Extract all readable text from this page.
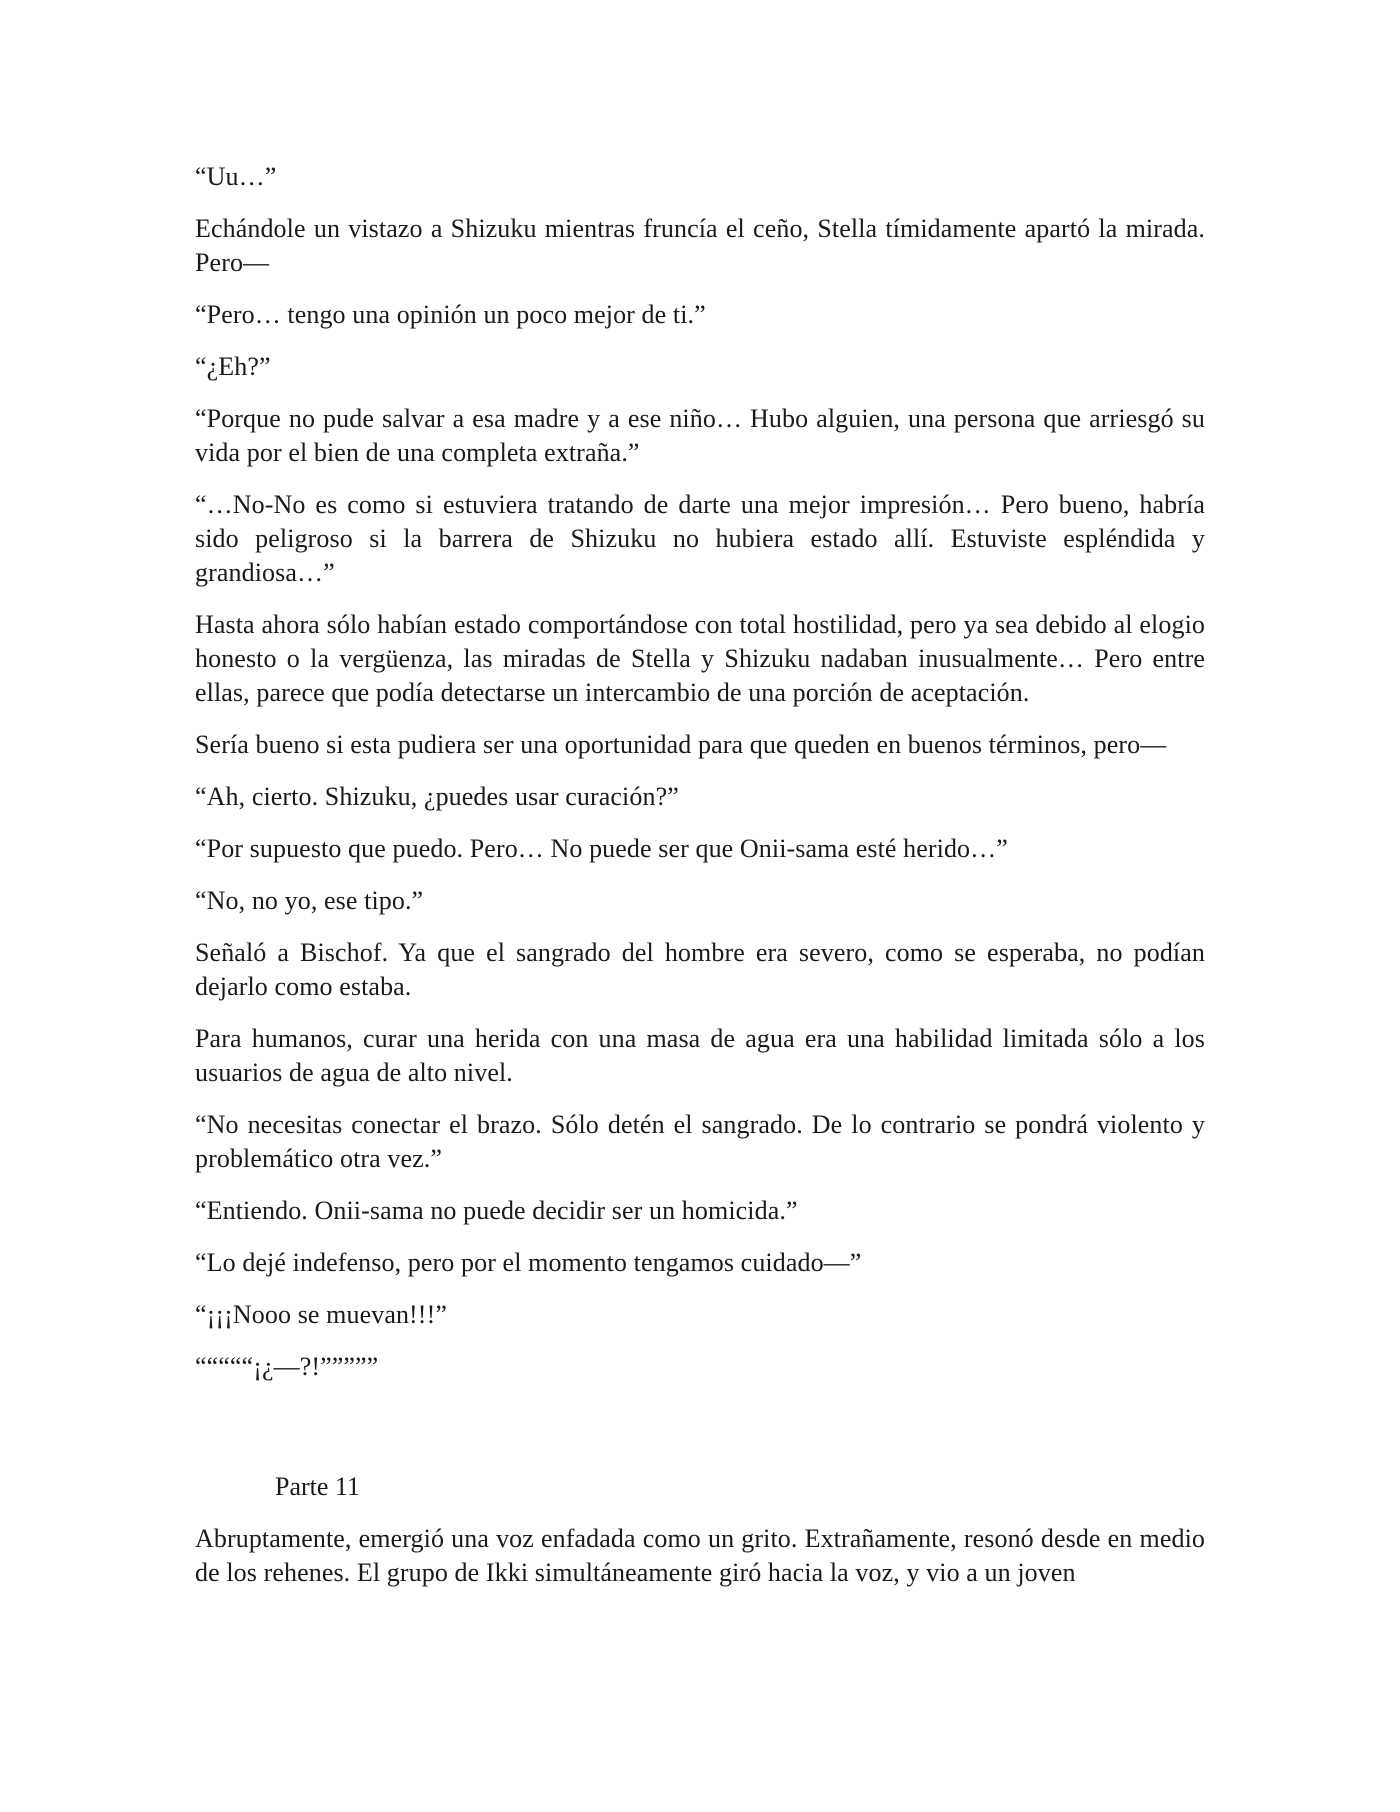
“Uu…”

Echándole un vistazo a Shizuku mientras fruncía el ceño, Stella tímidamente apartó la mirada. Pero—

“Pero… tengo una opinión un poco mejor de ti.”

“¿Eh?”

“Porque no pude salvar a esa madre y a ese niño… Hubo alguien, una persona que arriesgó su vida por el bien de una completa extraña.”

“…No-No es como si estuviera tratando de darte una mejor impresión… Pero bueno, habría sido peligroso si la barrera de Shizuku no hubiera estado allí. Estuviste espléndida y grandiosa…”

Hasta ahora sólo habían estado comportándose con total hostilidad, pero ya sea debido al elogio honesto o la vergüenza, las miradas de Stella y Shizuku nadaban inusualmente… Pero entre ellas, parece que podía detectarse un intercambio de una porción de aceptación.

Sería bueno si esta pudiera ser una oportunidad para que queden en buenos términos, pero—

“Ah, cierto. Shizuku, ¿puedes usar curación?”

“Por supuesto que puedo. Pero… No puede ser que Onii-sama esté herido…”

“No, no yo, ese tipo.”

Señaló a Bischof. Ya que el sangrado del hombre era severo, como se esperaba, no podían dejarlo como estaba.

Para humanos, curar una herida con una masa de agua era una habilidad limitada sólo a los usuarios de agua de alto nivel.

“No necesitas conectar el brazo. Sólo detén el sangrado. De lo contrario se pondrá violento y problemático otra vez.”

“Entiendo. Onii-sama no puede decidir ser un homicida.”

“Lo dejé indefenso, pero por el momento tengamos cuidado—”

“¡¡¡Nooo se muevan!!!”

“““““¡¿—?!”””””

Parte 11

Abruptamente, emergió una voz enfadada como un grito. Extrañamente, resonó desde en medio de los rehenes. El grupo de Ikki simultáneamente giró hacia la voz, y vio a un joven
